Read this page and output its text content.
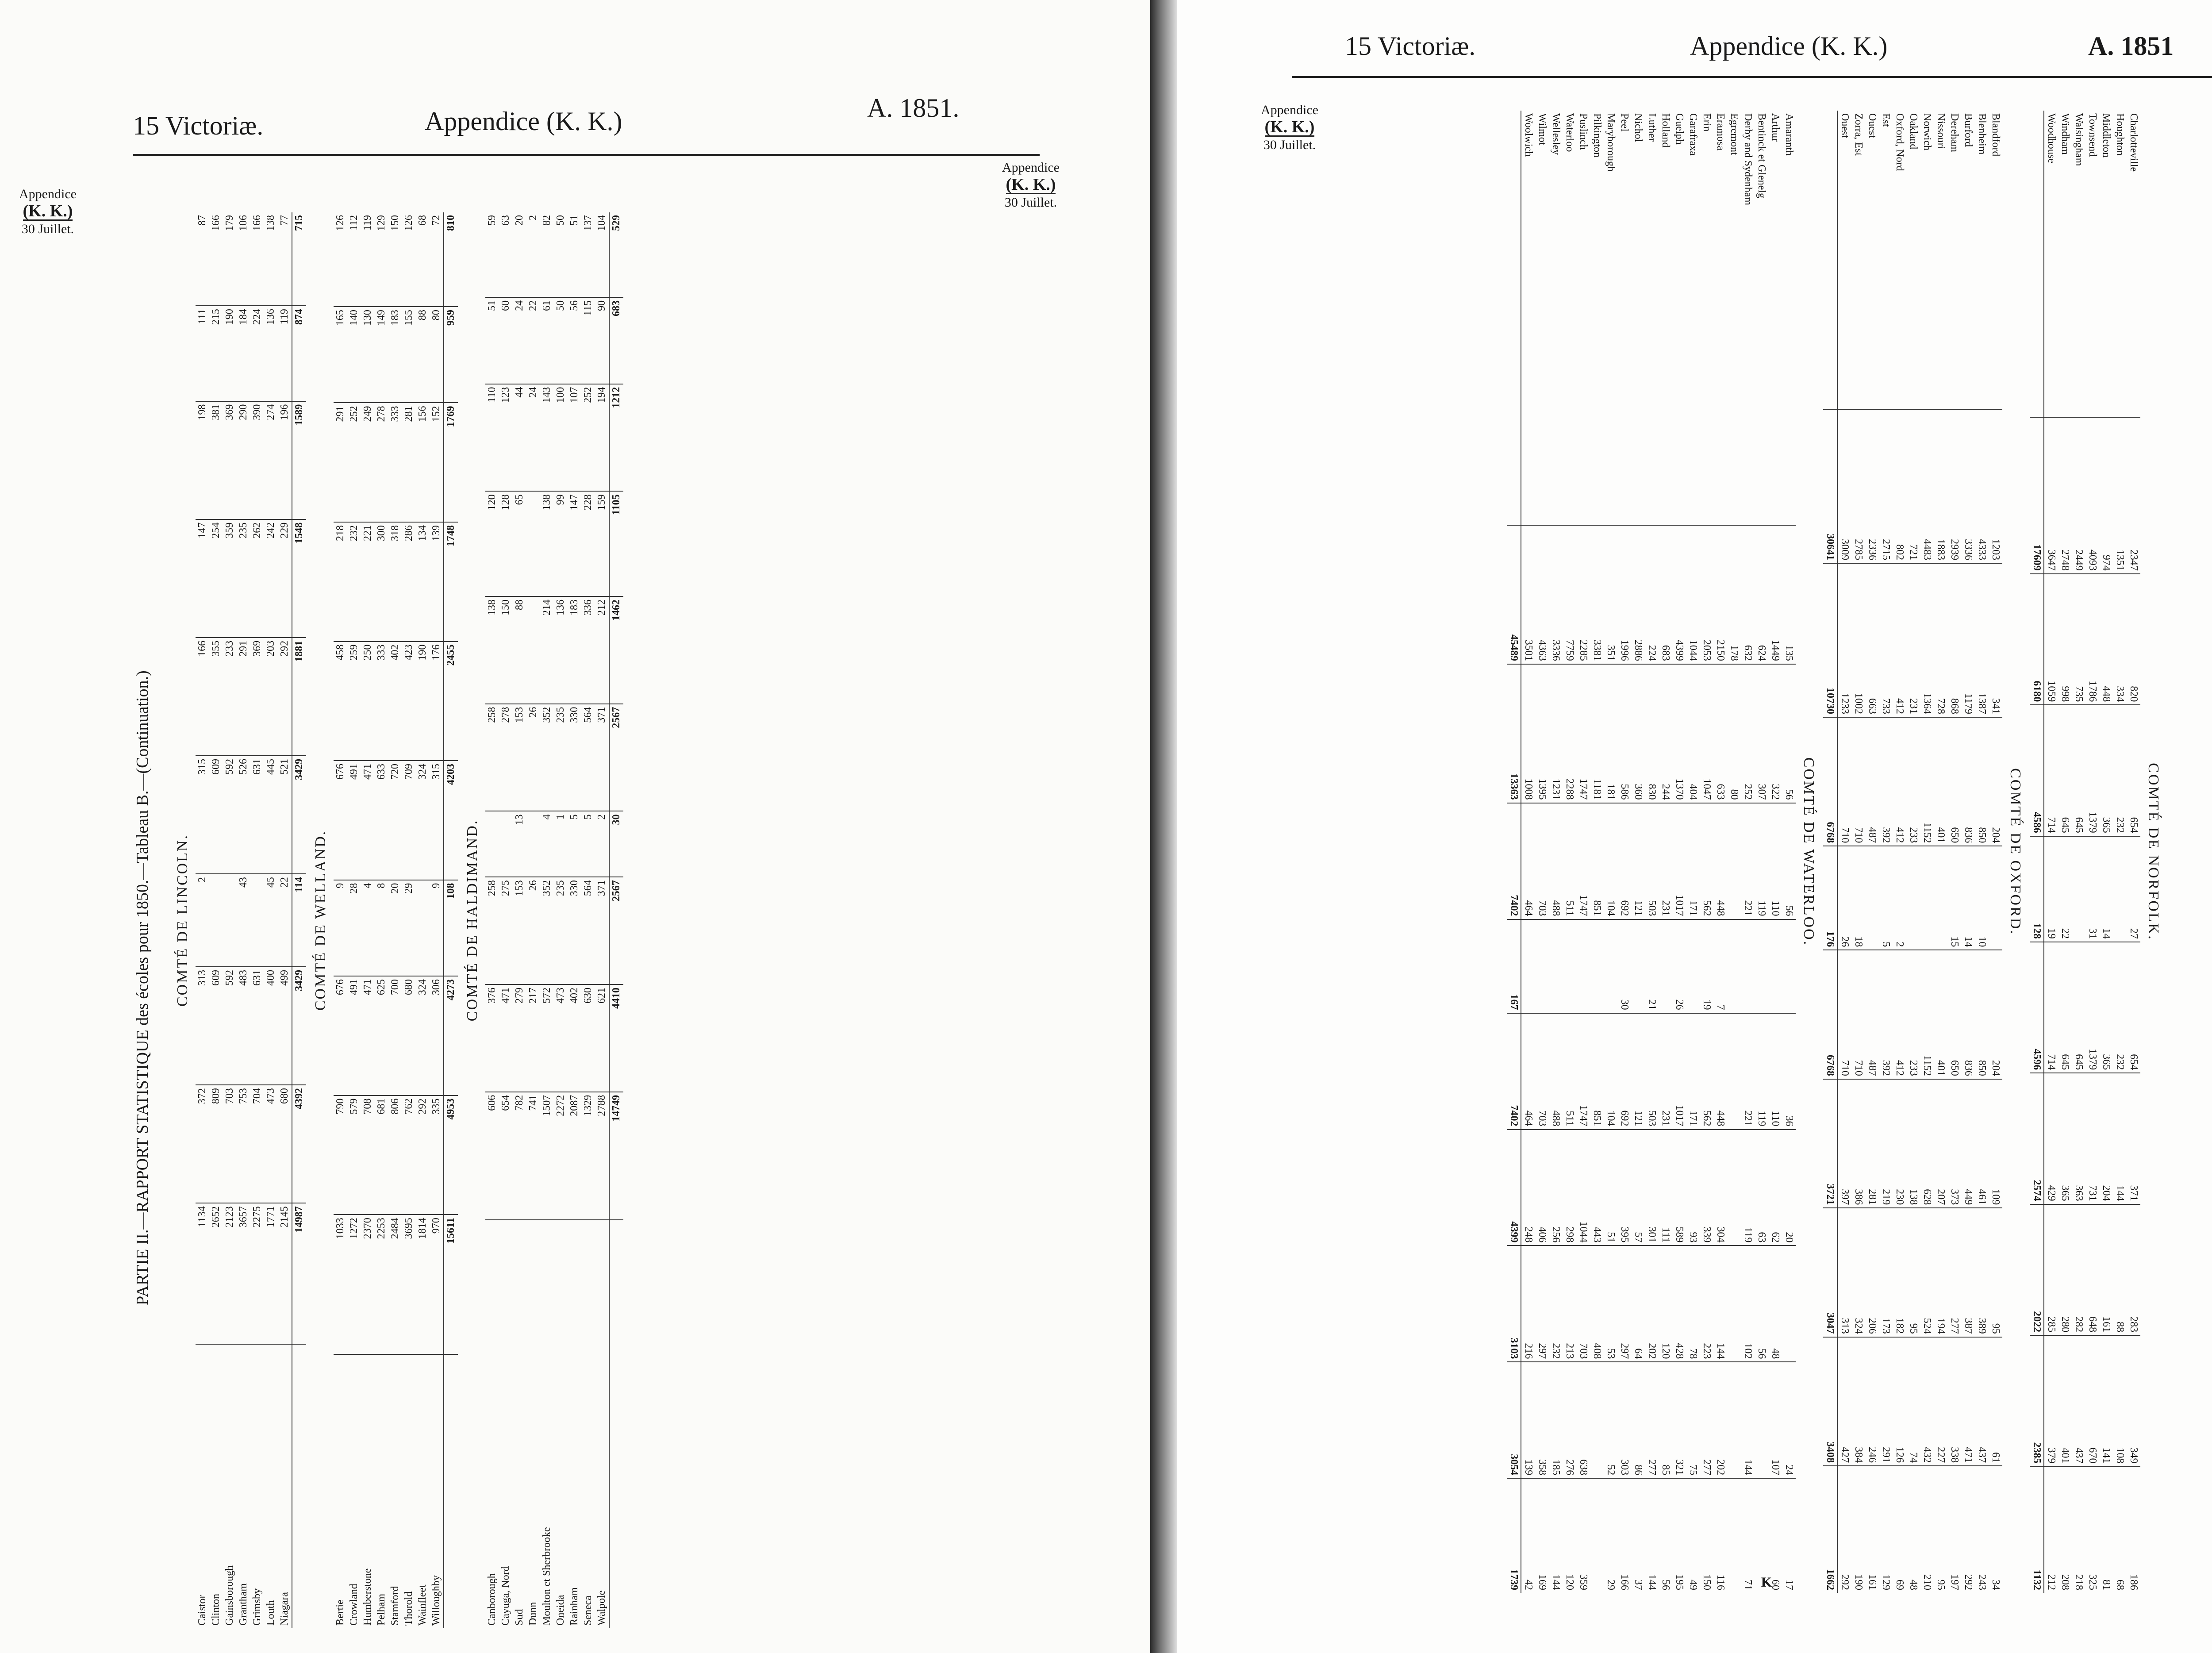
15 Victoriæ.	Appendice (K. K.)	A. 1851.
Appendice
(K. K.)
30 Juillet.
Appendice
(K. K.)
30 Juillet.
PARTIE II.—RAPPORT STATISTIQUE des écoles pour 1850.—Tableau B.—(Continuation.)	COMTÉ DE LINCOLN.
Caistor	1134	372	313	2	315	166	147	198	111	87
Clinton	2652	809	609		609	355	254	381	215	166
Gainsborough	2123	703	592		592	233	359	369	190	179
Grantham	3657	753	483	43	526	291	235	290	184	106
Grimsby	2275	704	631		631	369	262	390	224	166
Louth	1771	473	400	45	445	203	242	274	136	138
Niagara	2145	680	499	22	521	292	229	196	119	77
	14987	4392	3429	114	3429	1881	1548	1589	874	715
COMTÉ DE WELLAND.
Bertie	1033	790	676	9	676	458	218	291	165	126
Crowland	1272	579	491	28	491	259	232	252	140	112
Humberstone	2370	708	471	4	471	250	221	249	130	119
Pelham	2253	681	625	8	633	333	300	278	149	129
Stamford	2484	806	700	20	720	402	318	333	183	150
Thorold	3695	762	680	29	709	423	286	281	155	126
Wainfleet	1814	292	324		324	190	134	156	88	68
Willoughby	970	335	306	9	315	176	139	152	80	72
	15611	4953	4273	108	4203	2455	1748	1769	959	810
COMTÉ DE HALDIMAND.
Canborough	606	376	258		258	138	120	110	51	59
Cayuga, Nord	654	471	275		278	150	128	123	60	63
Sud	782	279	153	13	153	88	65	44	24	20
Dunn	741	217	26		26			24	22	2
Moulton et Sherbrooke	1507	572	352	4	352	214	138	143	61	82
Oneida	2272	473	235	1	235	136	99	100	50	50
Rainham	2087	402	330	5	330	183	147	107	56	51
Seneca	1329	630	564	5	564	336	228	252	115	137
Walpole	2788	621	371	2	371	212	159	194	90	104
	14749	4410	2567	30	2567	1462	1105	1212	683	529
15 Victoriæ.	Appendice (K. K.)	A. 1851
Appendice
(K. K.)
30 Juillet.
K
COMTÉ DE NORFOLK.
Charlotteville	2347	820	654	27	654	371	283	349	186
Houghton	1351	334	232		232	144	88	108	68
Middleton	974	448	365	14	365	204	161	141	81
Townsend	4093	1786	1379	31	1379	731	648	670	325
Walsingham	2449	735	645		645	363	282	437	218
Windham	2748	998	645	22	645	365	280	401	208
Woodhouse	3647	1059	714	19	714	429	285	379	212
	17609	6180	4586	128	4596	2574	2022	2385	1132
COMTÉ DE OXFORD.
Blandford	1203	341	204		204	109	95	61	34
Blenheim	4333	1387	850	10	850	461	389	437	243
Burford	3336	1179	836	14	836	449	387	471	292
Dereham	2939	868	650	15	650	373	277	338	197
Nissouri	1883	728	401		401	207	194	227	95
Norwich	4483	1364	1152		1152	628	524	432	210
Oakland	721	231	233		233	138	95	74	48
Oxford, Nord	802	412	412	2	412	230	182	126	69
Est	2715	733	392	5	392	219	173	291	129
Ouest	2336	663	487		487	281	206	246	161
Zorra, Est	2785	1002	710	18	710	386	324	384	190
Ouest	3009	1233	710	26	710	397	313	427	292
	30641	10730	6768	176	6768	3721	3047	3408	1662
COMTÉ DE WATERLOO.
Amaranth	135	56	56		36	20		24	17
Arthur	1449	322	110		110	62	48	107	60
Bentinck et Glenelg	624	307	119		119	63	56		
Derby and Sydenham	632	252	221		221	119	102	144	71
Egremont	178	80							
Eramosa	2150	633	448	7	448	304	144	202	116
Erin	2053	1047	562	19	562	339	223	277	150
Garafraxa	1044	404	171		171	93	78	75	49
Guelph	4399	1370	1017	26	1017	589	428	321	195
Holland	683	244	231		231	111	120	85	56
Luther	224	830	503	21	503	301	202	277	144
Nichol	2886	360	121		121	57	64	86	37
Peel	1996	586	692	30	692	395	297	303	166
Maryborough	351	181	104		104	51	53	52	29
Pilkington	3381	1181	851		851	443	408		
Puslinch	2285	1747	1747		1747	1044	703	638	359
Waterloo	7759	2288	511		511	298	213	276	120
Wellesley	3336	1231	488		488	256	232	185	144
Wilmot	4363	1395	703		703	406	297	358	169
Woolwich	3501	1008	464		464	248	216	139	42
	45489	13363	7402	167	7402	4399	3103	3054	1739
